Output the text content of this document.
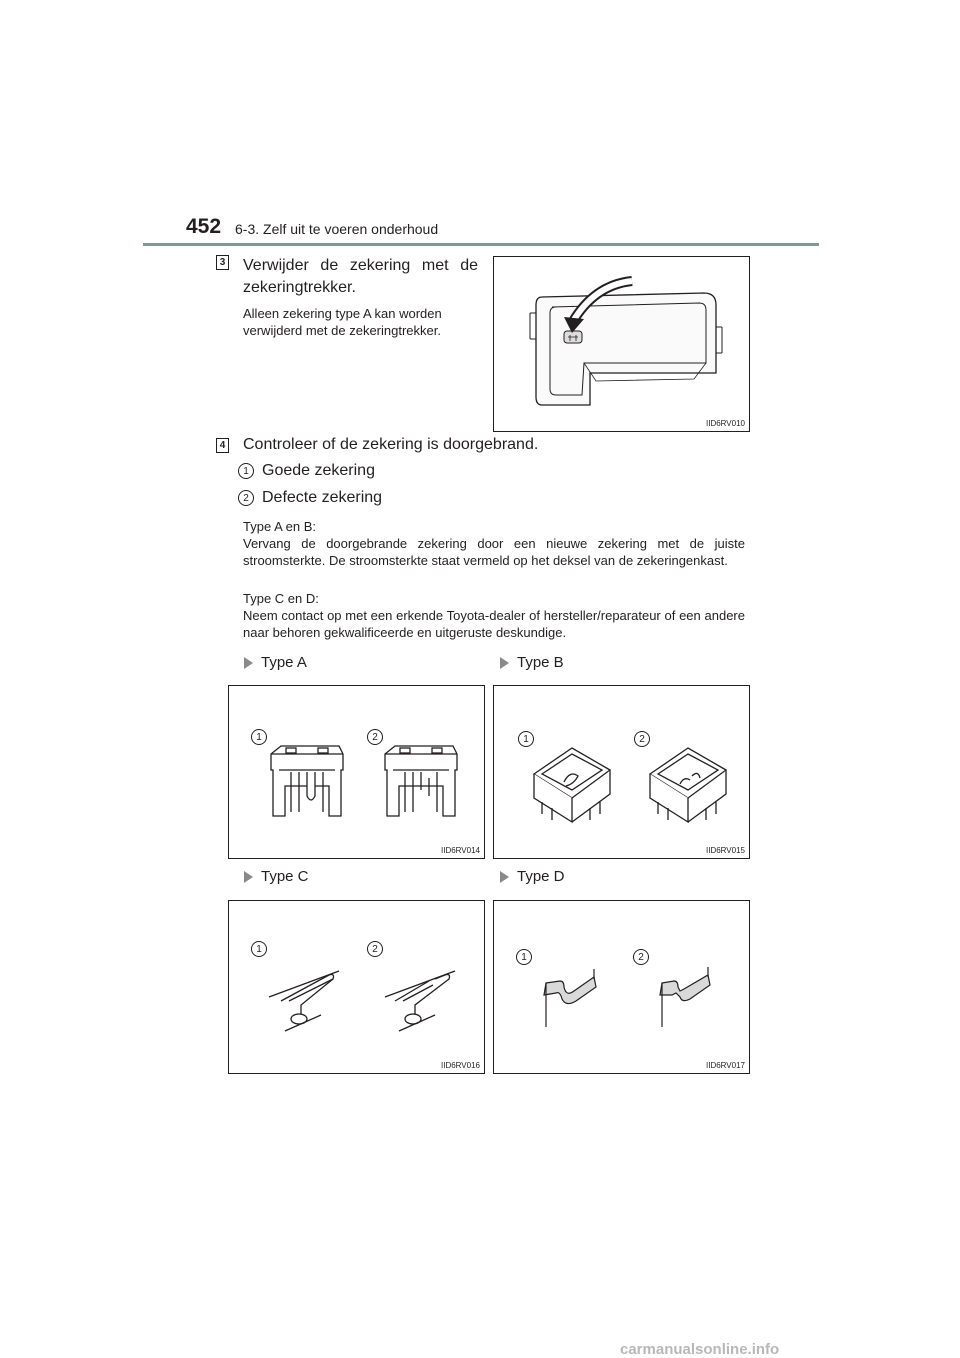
452 6-3. Zelf uit te voeren onderhoud
3 Verwijder de zekering met de
zekeringtrekker.
Alleen zekering type A kan worden
verwijderd met de zekeringtrekker.
IID6RV010
4 Controleer of de zekering is doorgebrand.
1 Goede zekering
2 Defecte zekering
Type A en B:
Vervang de doorgebrande zekering door een nieuwe zekering met de juiste stroomsterkte. De stroomsterkte staat vermeld op het deksel van de zekeringenkast.
Type C en D:
Neem contact op met een erkende Toyota-dealer of hersteller/reparateur of een andere naar behoren gekwalificeerde en uitgeruste deskundige.
Type A	Type B
1	2
IID6RV014
1	2
IID6RV015
Type C	Type D
1	2
IID6RV016
1	2
IID6RV017
carmanualsonline.info
